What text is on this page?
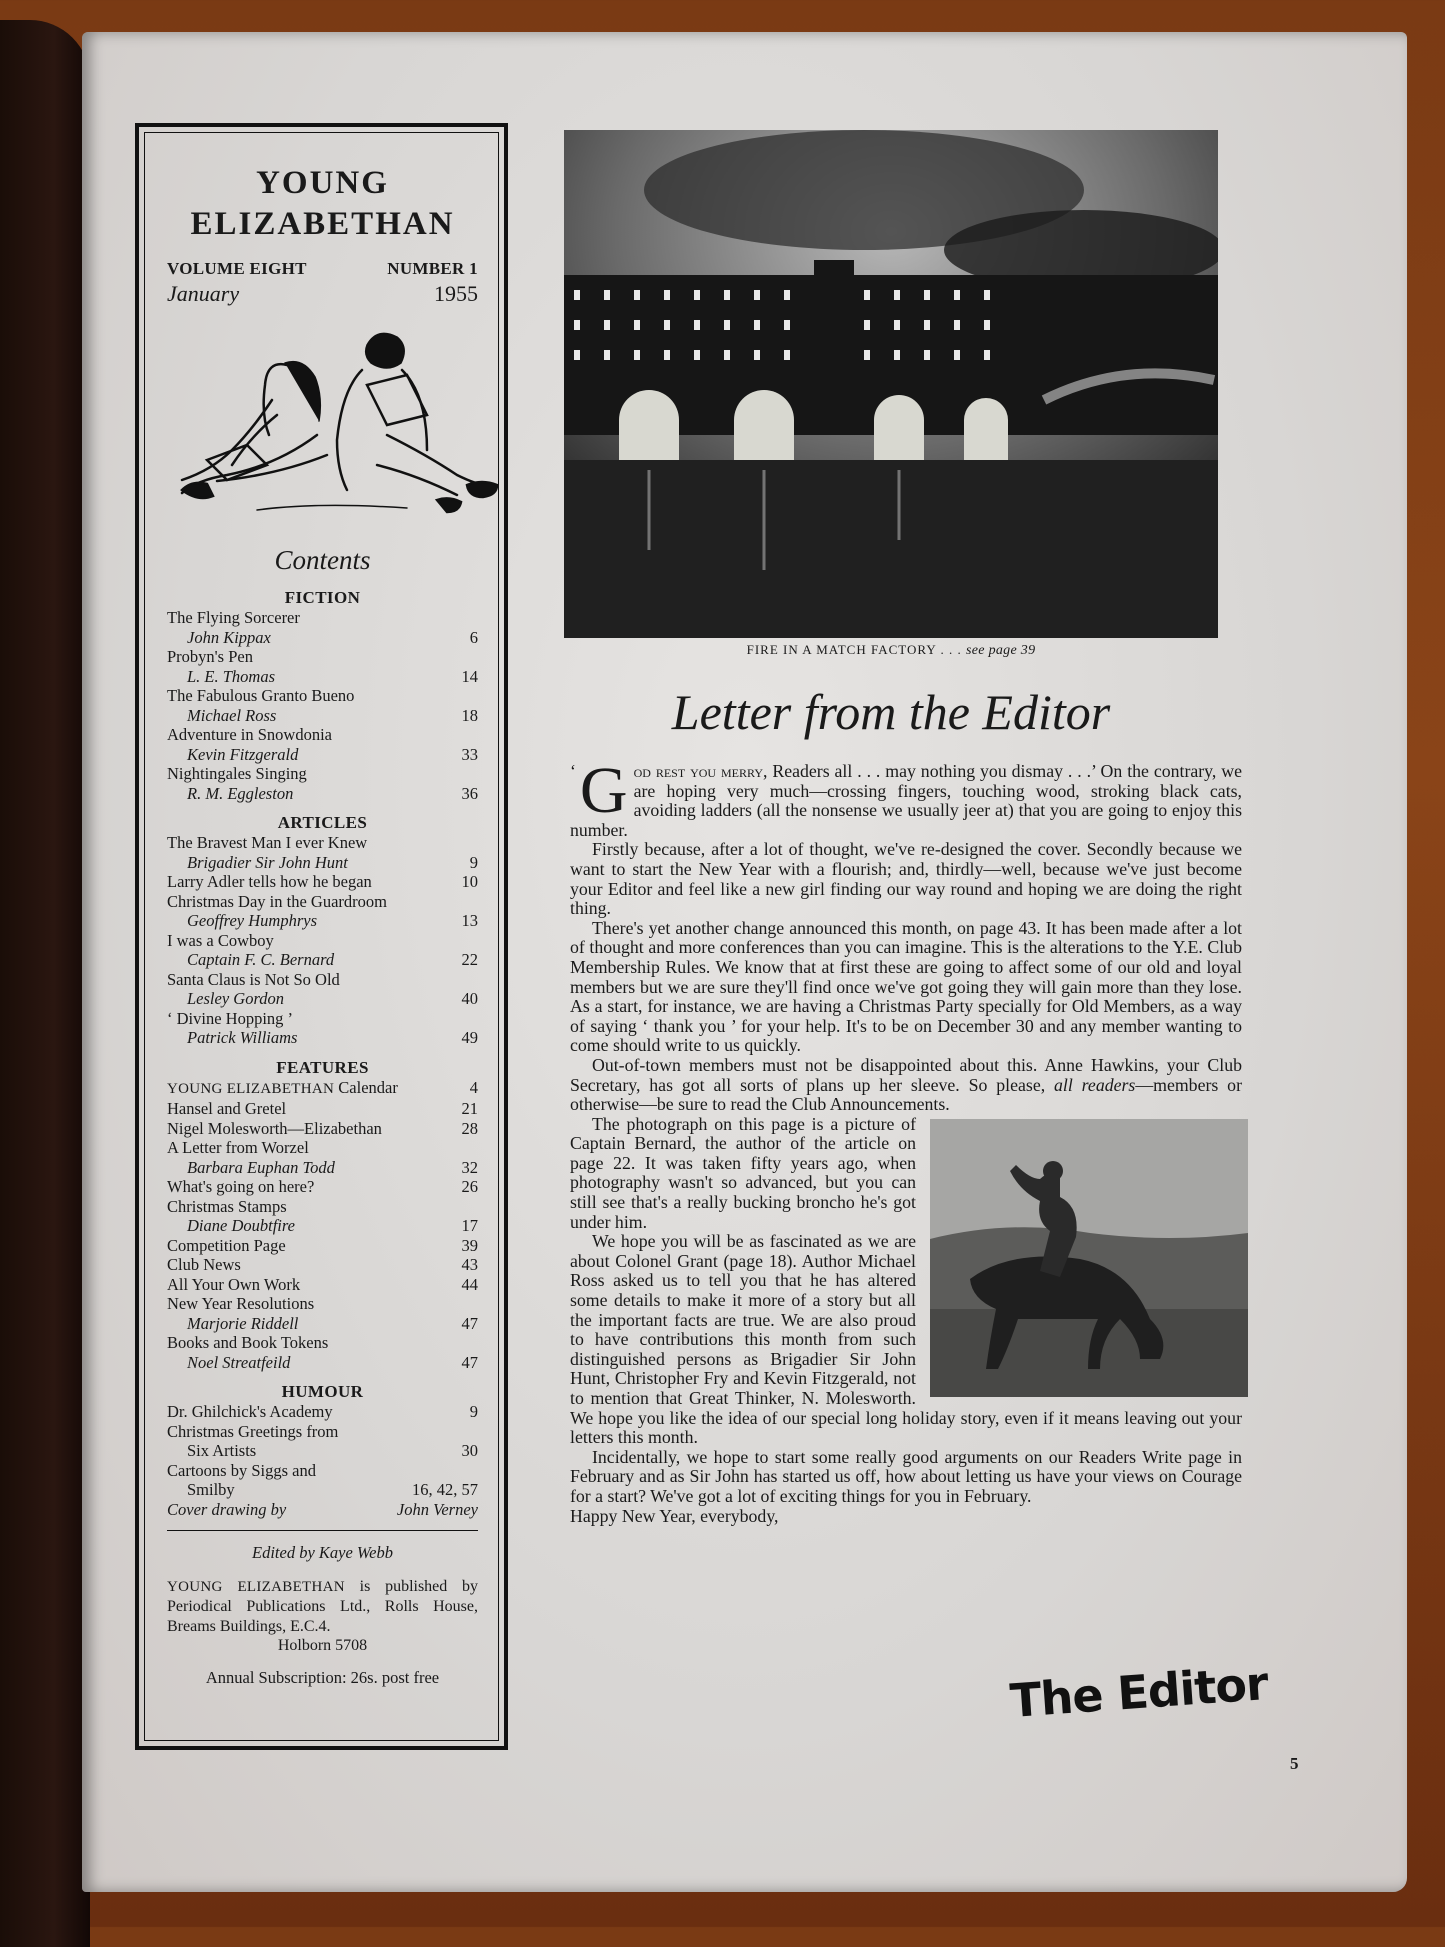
YOUNG
ELIZABETHAN
VOLUME EIGHT	NUMBER 1
January	1955
Contents
FICTION
The Flying Sorcerer
John Kippax	6
Probyn's Pen
L. E. Thomas	14
The Fabulous Granto Bueno
Michael Ross	18
Adventure in Snowdonia
Kevin Fitzgerald	33
Nightingales Singing
R. M. Eggleston	36
ARTICLES
The Bravest Man I ever Knew
Brigadier Sir John Hunt	9
Larry Adler tells how he began	10
Christmas Day in the Guardroom
Geoffrey Humphrys	13
I was a Cowboy
Captain F. C. Bernard	22
Santa Claus is Not So Old
Lesley Gordon	40
‘ Divine Hopping ’
Patrick Williams	49
FEATURES
YOUNG ELIZABETHAN Calendar	4
Hansel and Gretel	21
Nigel Molesworth—Elizabethan	28
A Letter from Worzel
Barbara Euphan Todd	32
What's going on here?	26
Christmas Stamps
Diane Doubtfire	17
Competition Page	39
Club News	43
All Your Own Work	44
New Year Resolutions
Marjorie Riddell	47
Books and Book Tokens
Noel Streatfeild	47
HUMOUR
Dr. Ghilchick's Academy	9
Christmas Greetings from
Six Artists	30
Cartoons by Siggs and
Smilby	16, 42, 57
Cover drawing by	John Verney
Edited by Kaye Webb
YOUNG ELIZABETHAN is published by Periodical Publications Ltd., Rolls House, Breams Buildings, E.C.4.
Holborn 5708
Annual Subscription: 26s. post free
FIRE IN A MATCH FACTORY . . . see page 39
Letter from the Editor

‘ G od rest you merry, Readers all . . . may nothing you dismay . . .’ On the contrary, we are hoping very much—crossing fingers, touching wood, stroking black cats, avoiding ladders (all the nonsense we usually jeer at) that you are going to enjoy this number.

Firstly because, after a lot of thought, we've re-designed the cover. Secondly because we want to start the New Year with a flourish; and, thirdly—well, because we've just become your Editor and feel like a new girl finding our way round and hoping we are doing the right thing.

There's yet another change announced this month, on page 43. It has been made after a lot of thought and more conferences than you can imagine. This is the alterations to the Y.E. Club Membership Rules. We know that at first these are going to affect some of our old and loyal members but we are sure they'll find once we've got going they will gain more than they lose. As a start, for instance, we are having a Christmas Party specially for Old Members, as a way of saying ‘ thank you ’ for your help. It's to be on December 30 and any member wanting to come should write to us quickly.

Out-of-town members must not be disappointed about this. Anne Hawkins, your Club Secretary, has got all sorts of plans up her sleeve. So please, all readers—members or otherwise—be sure to read the Club Announcements.

The photograph on this page is a picture of Captain Bernard, the author of the article on page 22. It was taken fifty years ago, when photography wasn't so advanced, but you can still see that's a really bucking broncho he's got under him.

We hope you will be as fascinated as we are about Colonel Grant (page 18). Author Michael Ross asked us to tell you that he has altered some details to make it more of a story but all the important facts are true. We are also proud to have contributions this month from such distinguished persons as Brigadier Sir John Hunt, Christopher Fry and Kevin Fitzgerald, not to mention that Great Thinker, N. Molesworth. We hope you like the idea of our special long holiday story, even if it means leaving out your letters this month.

Incidentally, we hope to start some really good arguments on our Readers Write page in February and as Sir John has started us off, how about letting us have your views on Courage for a start? We've got a lot of exciting things for you in February.

Happy New Year, everybody,

The Editor
5
